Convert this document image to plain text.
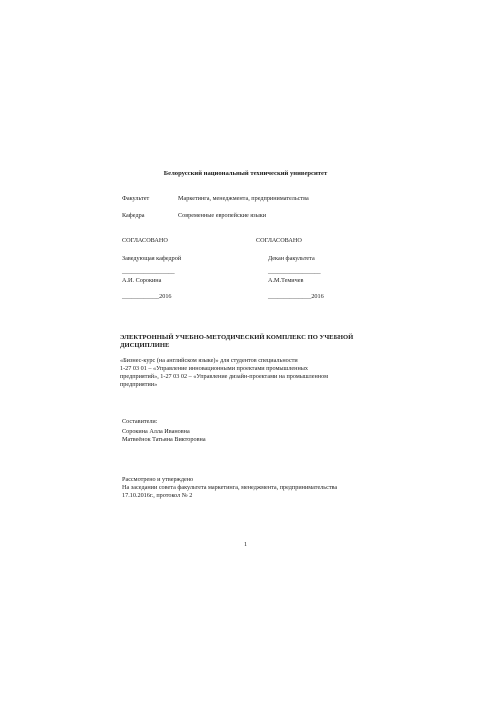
Белорусский национальный технический университет
Факультет	Маркетинга, менеджмента, предпринимательства
Кафедра	Современные европейские языки
СОГЛАСОВАНО	СОГЛАСОВАНО
Заведующая кафедрой	Декан факультета
_________________	_________________
А.И. Сорокина	А.М.Темичев
____________2016	______________2016
ЭЛЕКТРОННЫЙ УЧЕБНО-МЕТОДИЧЕСКИЙ КОМПЛЕКС ПО УЧЕБНОЙ ДИСЦИПЛИНЕ
«Бизнес-курс (на английском языке)» для студентов специальности
1-27 03 01 – «Управление инновационными проектами промышленных
предприятий», 1-27 03 02 – «Управление дизайн-проектами на промышленном
предприятии»
Составители:
Сорокина Алла Ивановна
Матвеёнок Татьяна Викторовна
Рассмотрено и утверждено
На заседании совета факультета маркетинга, менеджмента, предпринимательства
17.10.2016г., протокол № 2
1
